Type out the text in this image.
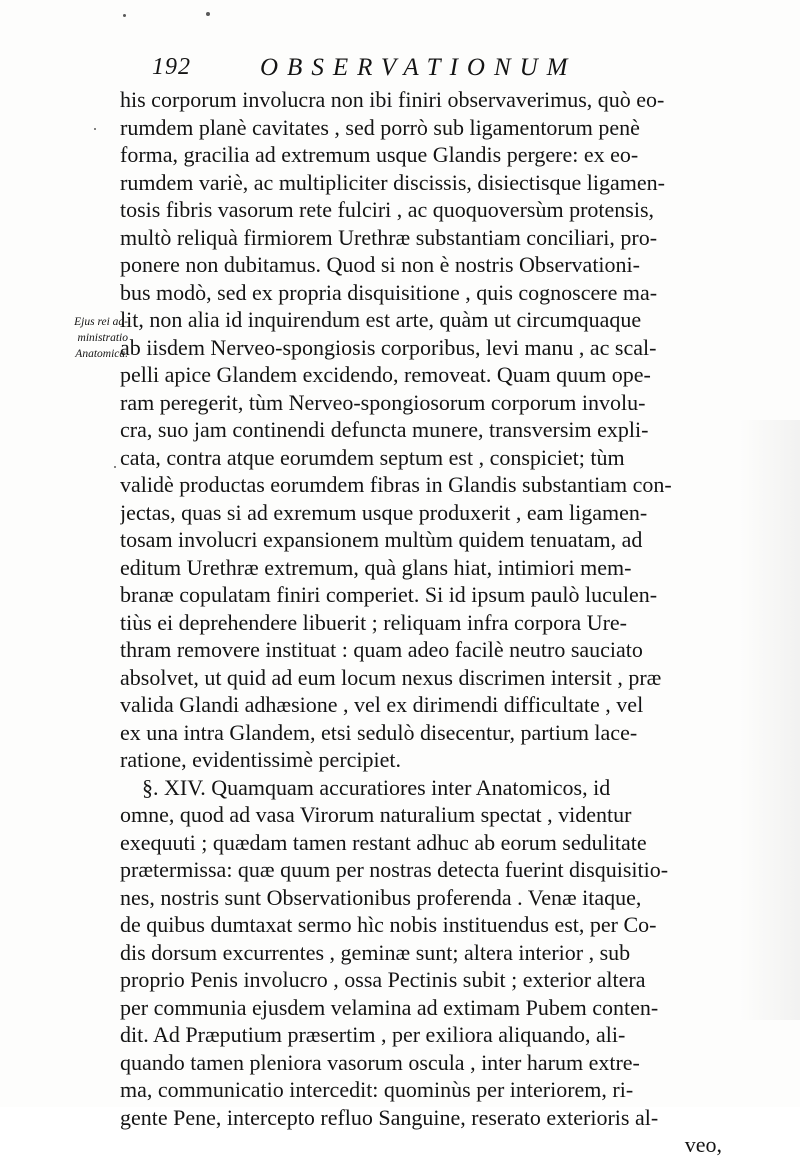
192	OBSERVATIONUM
Ejus rei ad-
ministratio
Anatomica.
his corporum involucra non ibi finiri observaverimus, quò eo-
rumdem planè cavitates , sed porrò sub ligamentorum penè
forma, gracilia ad extremum usque Glandis pergere: ex eo-
rumdem variè, ac multipliciter discissis, disiectisque ligamen-
tosis fibris vasorum rete fulciri , ac quoquoversùm protensis,
multò reliquà firmiorem Urethræ substantiam conciliari, pro-
ponere non dubitamus. Quod si non è nostris Observationi-
bus modò, sed ex propria disquisitione , quis cognoscere ma-
lit, non alia id inquirendum est arte, quàm ut circumquaque
ab iisdem Nerveo-spongiosis corporibus, levi manu , ac scal-
pelli apice Glandem excidendo, removeat. Quam quum ope-
ram peregerit, tùm Nerveo-spongiosorum corporum involu-
cra, suo jam continendi defuncta munere, transversim expli-
cata, contra atque eorumdem septum est , conspiciet; tùm
validè productas eorumdem fibras in Glandis substantiam con-
jectas, quas si ad exremum usque produxerit , eam ligamen-
tosam involucri expansionem multùm quidem tenuatam, ad
editum Urethræ extremum, quà glans hiat, intimiori mem-
branæ copulatam finiri comperiet. Si id ipsum paulò luculen-
tiùs ei deprehendere libuerit ; reliquam infra corpora Ure-
thram removere instituat : quam adeo facilè neutro sauciato
absolvet, ut quid ad eum locum nexus discrimen intersit , præ
valida Glandi adhæsione , vel ex dirimendi difficultate , vel
ex una intra Glandem, etsi sedulò disecentur, partium lace-
ratione, evidentissimè percipiet.
§. XIV. Quamquam accuratiores inter Anatomicos, id
omne, quod ad vasa Virorum naturalium spectat , videntur
exequuti ; quædam tamen restant adhuc ab eorum sedulitate
prætermissa: quæ quum per nostras detecta fuerint disquisitio-
nes, nostris sunt Observationibus proferenda . Venæ itaque,
de quibus dumtaxat sermo hìc nobis instituendus est, per Co-
dis dorsum excurrentes , geminæ sunt; altera interior , sub
proprio Penis involucro , ossa Pectinis subit ; exterior altera
per communia ejusdem velamina ad extimam Pubem conten-
dit. Ad Præputium præsertim , per exiliora aliquando, ali-
quando tamen pleniora vasorum oscula , inter harum extre-
ma, communicatio intercedit: quominùs per interiorem, ri-
gente Pene, intercepto refluo Sanguine, reserato exterioris al-
veo,
